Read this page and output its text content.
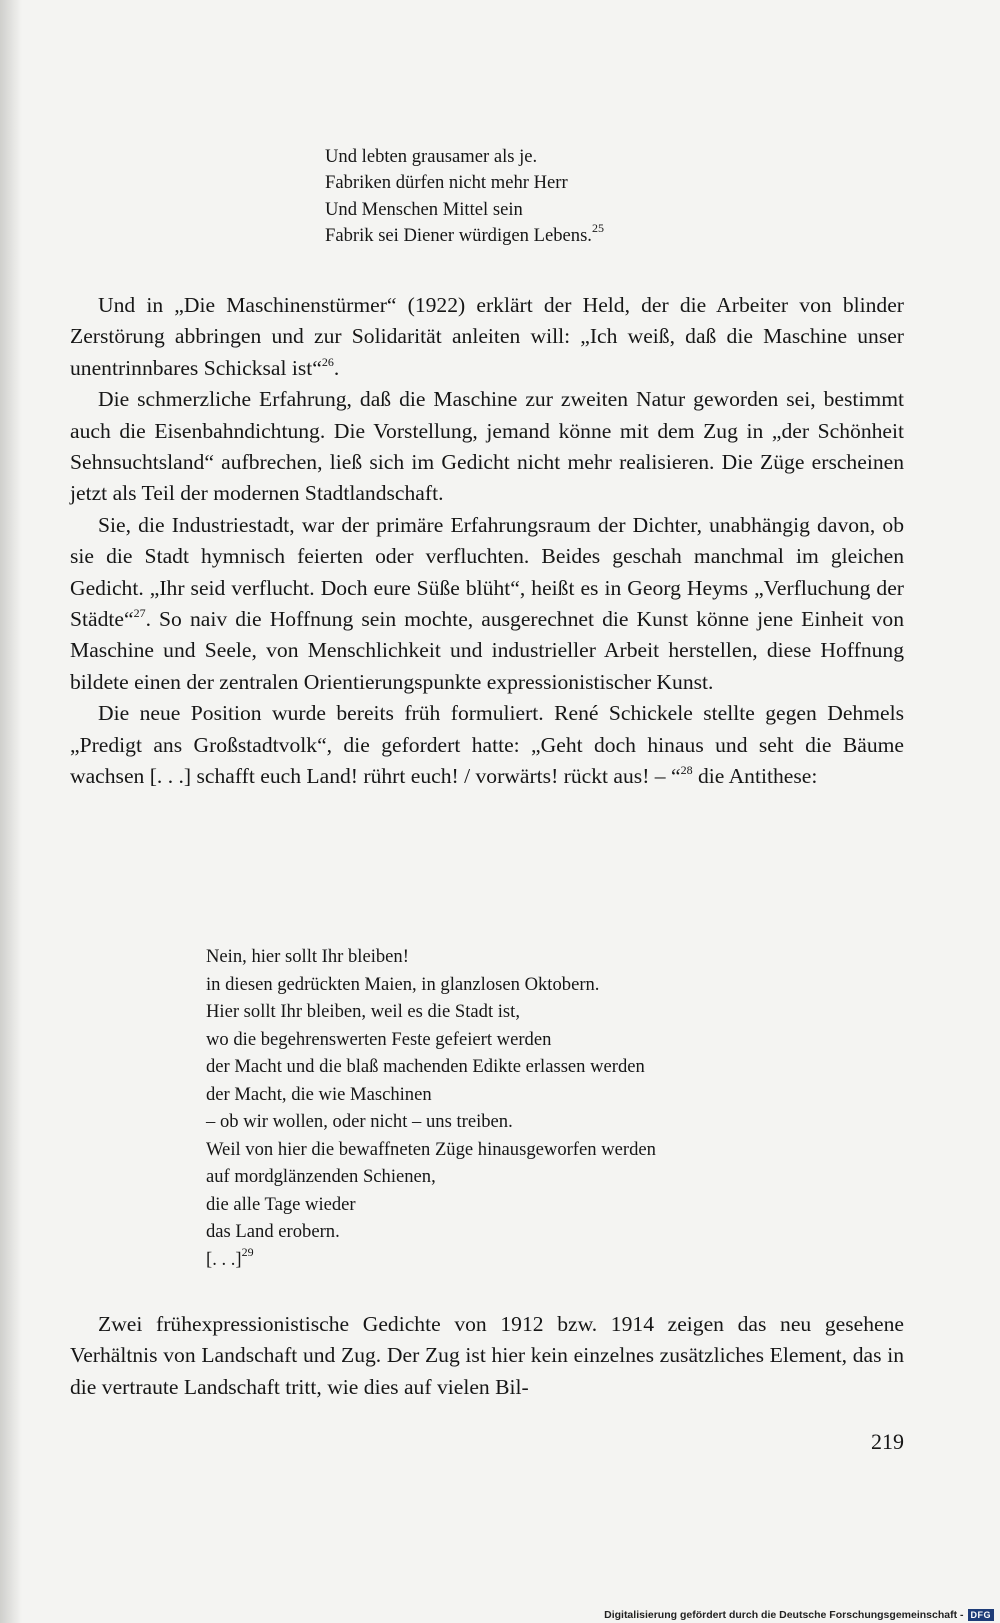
Und lebten grausamer als je.
Fabriken dürfen nicht mehr Herr
Und Menschen Mittel sein
Fabrik sei Diener würdigen Lebens.$^{25}$

Und in „Die Maschinenstürmer“ (1922) erklärt der Held, der die Arbeiter von blinder Zerstörung abbringen und zur Solidarität anleiten will: „Ich weiß, daß die Maschine unser unentrinnbares Schicksal ist“$^{26}$.

Die schmerzliche Erfahrung, daß die Maschine zur zweiten Natur geworden sei, bestimmt auch die Eisenbahndichtung. Die Vorstellung, jemand könne mit dem Zug in „der Schönheit Sehnsuchtsland“ aufbrechen, ließ sich im Gedicht nicht mehr realisieren. Die Züge erscheinen jetzt als Teil der modernen Stadtlandschaft.

Sie, die Industriestadt, war der primäre Erfahrungsraum der Dichter, unabhängig davon, ob sie die Stadt hymnisch feierten oder verfluchten. Beides geschah manchmal im gleichen Gedicht. „Ihr seid verflucht. Doch eure Süße blüht“, heißt es in Georg Heyms „Verfluchung der Städte“$^{27}$. So naiv die Hoffnung sein mochte, ausgerechnet die Kunst könne jene Einheit von Maschine und Seele, von Menschlichkeit und industrieller Arbeit herstellen, diese Hoffnung bildete einen der zentralen Orientierungspunkte expressionistischer Kunst.

Die neue Position wurde bereits früh formuliert. René Schickele stellte gegen Dehmels „Predigt ans Großstadtvolk“, die gefordert hatte: „Geht doch hinaus und seht die Bäume wachsen [. . .] schafft euch Land! rührt euch! / vorwärts! rückt aus! – “$^{28}$ die Antithese:

Nein, hier sollt Ihr bleiben!
in diesen gedrückten Maien, in glanzlosen Oktobern.
Hier sollt Ihr bleiben, weil es die Stadt ist,
wo die begehrenswerten Feste gefeiert werden
der Macht und die blaß machenden Edikte erlassen werden
der Macht, die wie Maschinen
– ob wir wollen, oder nicht – uns treiben.
Weil von hier die bewaffneten Züge hinausgeworfen werden
auf mordglänzenden Schienen,
die alle Tage wieder
das Land erobern.
[. . .]$^{29}$

Zwei frühexpressionistische Gedichte von 1912 bzw. 1914 zeigen das neu gesehene Verhältnis von Landschaft und Zug. Der Zug ist hier kein einzelnes zusätzliches Element, das in die vertraute Landschaft tritt, wie dies auf vielen Bil-

219
Digitalisierung gefördert durch die Deutsche Forschungsgemeinschaft - DFG
